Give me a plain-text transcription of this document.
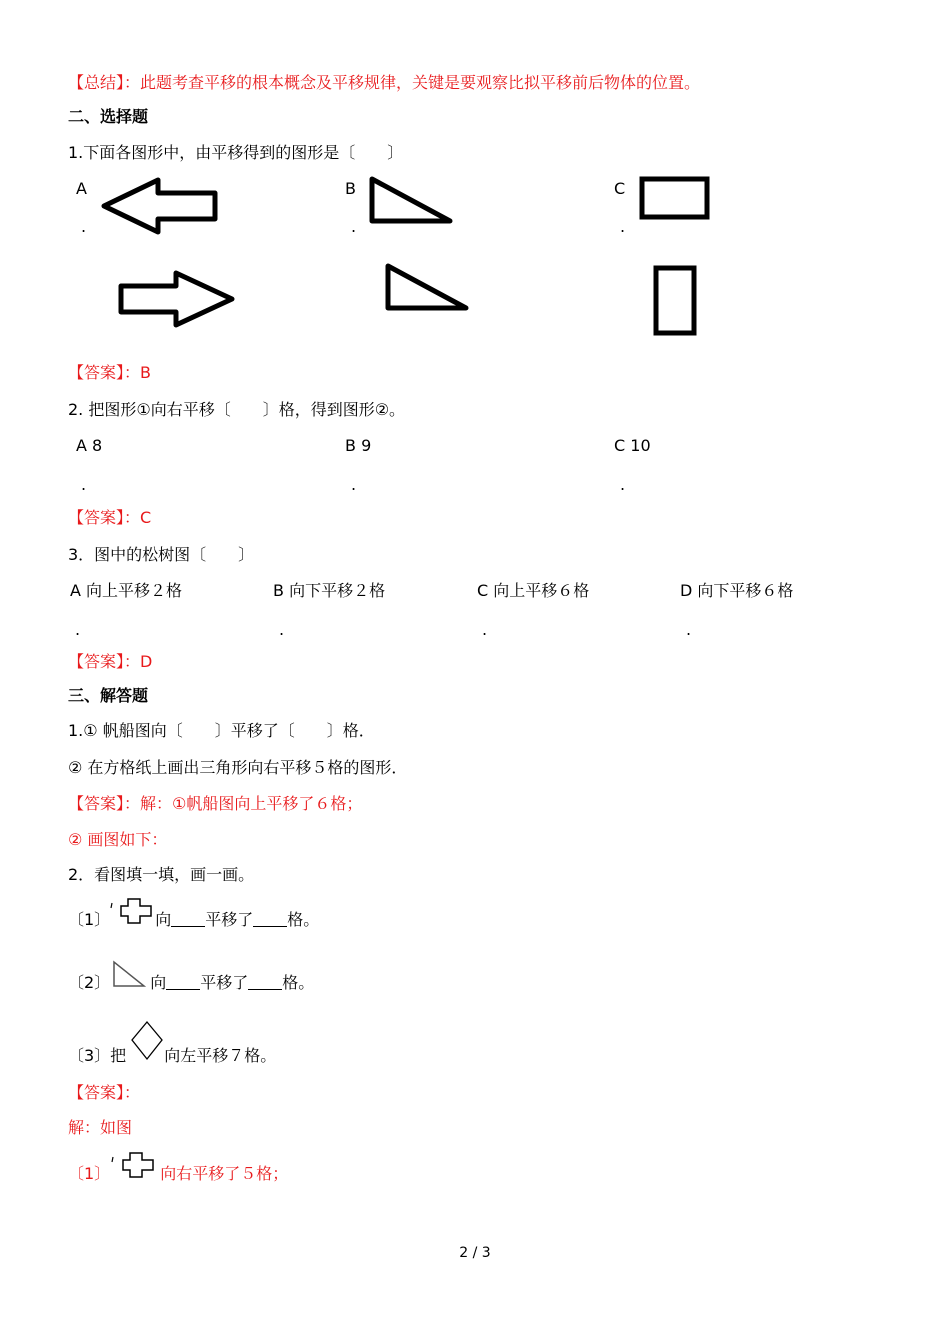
【总结】：此题考查平移的根本概念及平移规律，关键是要观察比拟平移前后物体的位置。
二、选择题
1.下面各图形中，由平移得到的图形是〔　　〕
A
.
B
.
C
.
【答案】：B
2. 把图形①向右平移〔　　〕格，得到图形②。
A 8
.
B 9
.
C 10
.
【答案】：C
3．图中的松树图〔　　〕
A 向上平移２格
.
B 向下平移２格
.
C 向上平移６格
.
D 向下平移６格
.
【答案】：D
三、解答题
1.① 帆船图向〔　　〕平移了〔　　〕格．
② 在方格纸上画出三角形向右平移５格的图形．
【答案】：解：①帆船图向上平移了６格；
② 画图如下：
2．看图填一填，画一画。
〔1〕	向 平移了 格。
〔2〕	向 平移了 格。
〔3〕把 向左平移７格。
【答案】：
解：如图
〔1〕	向右平移了５格；
2 / 3
